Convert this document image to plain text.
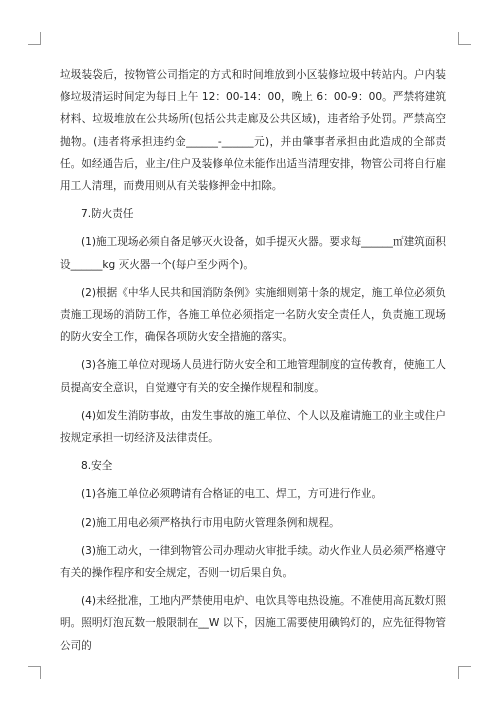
垃圾装袋后，按物管公司指定的方式和时间堆放到小区装修垃圾中转站内。户内装修垃圾清运时间定为每日上午 12：00-14：00，晚上 6：00-9：00。严禁将建筑材料、垃圾堆放在公共场所(包括公共走廊及公共区域)，违者给予处罚。严禁高空抛物。(违者将承担违约金______-______元)，并由肇事者承担由此造成的全部责任。如经通告后，业主/住户及装修单位未能作出适当清理安排，物管公司将自行雇用工人清理，而费用则从有关装修押金中扣除。

7.防火责任

(1)施工现场必须自备足够灭火设备，如手提灭火器。要求每______㎡建筑面积设______kg 灭火器一个(每户至少两个)。

(2)根据《中华人民共和国消防条例》实施细则第十条的规定，施工单位必须负责施工现场的消防工作，各施工单位必须指定一名防火安全责任人，负责施工现场的防火安全工作，确保各项防火安全措施的落实。

(3)各施工单位对现场人员进行防火安全和工地管理制度的宣传教育，使施工人员提高安全意识，自觉遵守有关的安全操作规程和制度。

(4)如发生消防事故，由发生事故的施工单位、个人以及雇请施工的业主或住户按规定承担一切经济及法律责任。

8.安全

(1)各施工单位必须聘请有合格证的电工、焊工，方可进行作业。

(2)施工用电必须严格执行市用电防火管理条例和规程。

(3)施工动火，一律到物管公司办理动火审批手续。动火作业人员必须严格遵守有关的操作程序和安全规定，否则一切后果自负。

(4)未经批准，工地内严禁使用电炉、电饮具等电热设施。不准使用高瓦数灯照明。照明灯泡瓦数一般限制在__W 以下，因施工需要使用碘钨灯的，应先征得物管公司的
